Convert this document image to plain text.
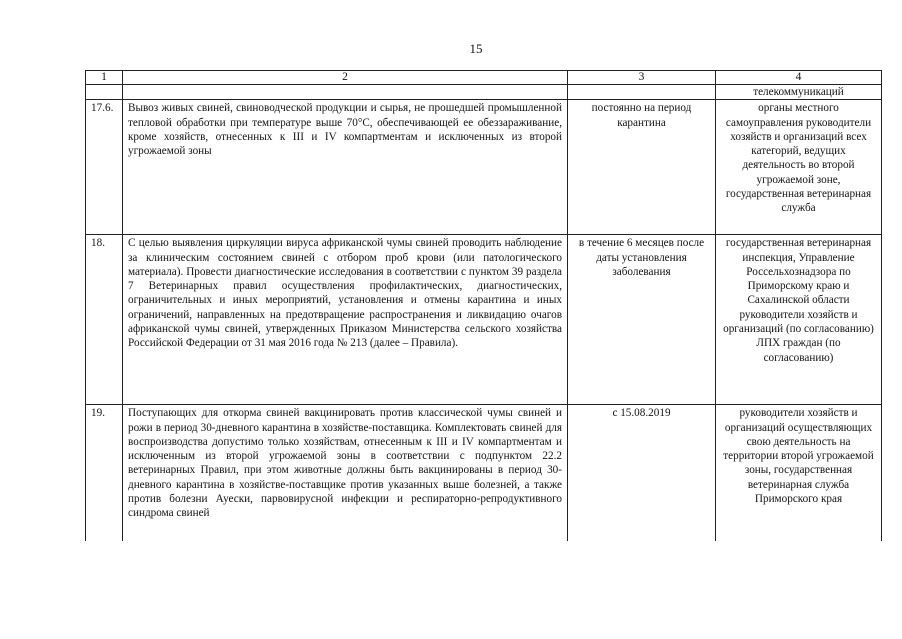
15
1	2	3	4
			телекоммуникаций
17.6.	Вывоз живых свиней, свиноводческой продукции и сырья, не прошедшей промышленной тепловой обработки при температуре выше 70°С, обеспечивающей ее обеззараживание, кроме хозяйств, отнесенных к III и IV компартментам и исключенных из второй угрожаемой зоны	постоянно на период карантина	органы местного самоуправления руководители хозяйств и организаций всех категорий, ведущих деятельность во второй угрожаемой зоне, государственная ветеринарная служба
18.	С целью выявления циркуляции вируса африканской чумы свиней проводить наблюдение за клиническим состоянием свиней с отбором проб крови (или патологического материала). Провести диагностические исследования в соответствии с пунктом 39 раздела 7 Ветеринарных правил осуществления профилактических, диагностических, ограничительных и иных мероприятий, установления и отмены карантина и иных ограничений, направленных на предотвращение распространения и ликвидацию очагов африканской чумы свиней, утвержденных Приказом Министерства сельского хозяйства Российской Федерации от 31 мая 2016 года № 213 (далее – Правила).	в течение 6 месяцев после даты установления заболевания	государственная ветеринарная инспекция, Управление Россельхознадзора по Приморскому краю и Сахалинской области руководители хозяйств и организаций (по согласованию) ЛПХ граждан (по согласованию)
19.	Поступающих для откорма свиней вакцинировать против классической чумы свиней и рожи в период 30-дневного карантина в хозяйстве-поставщика. Комплектовать свиней для воспроизводства допустимо только хозяйствам, отнесенным к III и IV компартментам и исключенным из второй угрожаемой зоны в соответствии с подпунктом 22.2 ветеринарных Правил, при этом животные должны быть вакцинированы в период 30-дневного карантина в хозяйстве-поставщике против указанных выше болезней, а также против болезни Ауески, парвовирусной инфекции и респираторно-репродуктивного синдрома свиней	с 15.08.2019	руководители хозяйств и организаций осуществляющих свою деятельность на территории второй угрожаемой зоны, государственная ветеринарная служба Приморского края
